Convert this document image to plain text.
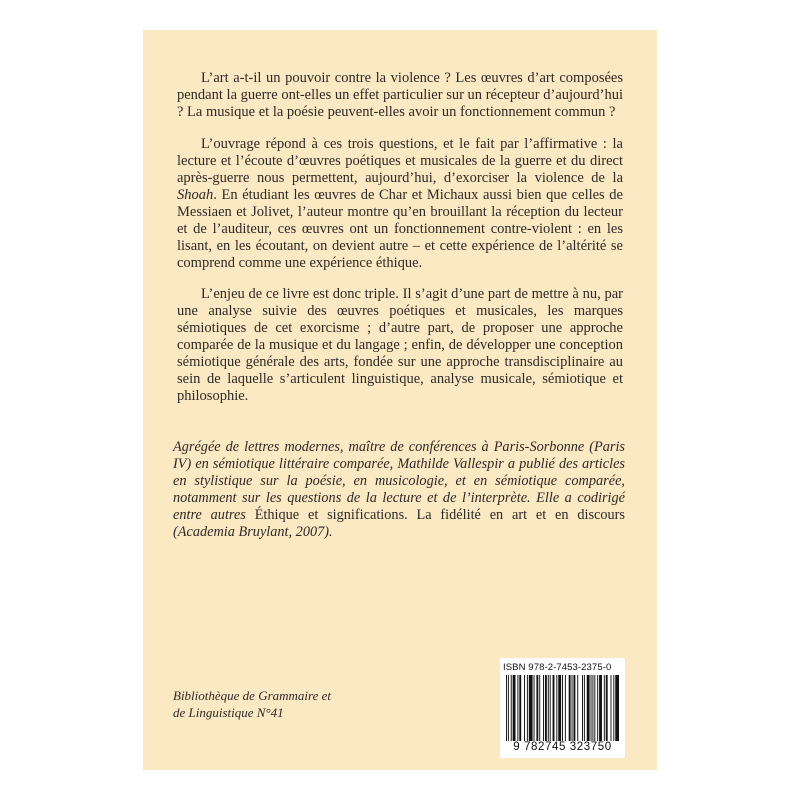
L’art a-t-il un pouvoir contre la violence ? Les œuvres d’art composées pendant la guerre ont-elles un effet particulier sur un récepteur d’aujourd’hui ? La musique et la poésie peuvent-elles avoir un fonctionnement commun ?

L’ouvrage répond à ces trois questions, et le fait par l’affirmative : la lecture et l’écoute d’œuvres poétiques et musicales de la guerre et du direct après-guerre nous permettent, aujourd’hui, d’exorciser la violence de la Shoah. En étudiant les œuvres de Char et Michaux aussi bien que celles de Messiaen et Jolivet, l’auteur montre qu’en brouillant la réception du lecteur et de l’auditeur, ces œuvres ont un fonctionnement contre-violent : en les lisant, en les écoutant, on devient autre – et cette expérience de l’altérité se comprend comme une expérience éthique.

L’enjeu de ce livre est donc triple. Il s’agit d’une part de mettre à nu, par une analyse suivie des œuvres poétiques et musicales, les marques sémiotiques de cet exorcisme ; d’autre part, de proposer une approche comparée de la musique et du langage ; enfin, de développer une conception sémiotique générale des arts, fondée sur une approche transdisciplinaire au sein de laquelle s’articulent linguistique, analyse musicale, sémiotique et philosophie.

Agrégée de lettres modernes, maître de conférences à Paris-Sorbonne (Paris IV) en sémiotique littéraire comparée, Mathilde Vallespir a publié des articles en stylistique sur la poésie, en musicologie, et en sémiotique comparée, notamment sur les questions de la lecture et de l’interprète. Elle a codirigé entre autres Éthique et significations. La fidélité en art et en discours (Academia Bruylant, 2007).

Bibliothèque de Grammaire et
de Linguistique N°41

ISBN 978-2-7453-2375-0
9 782745 323750
